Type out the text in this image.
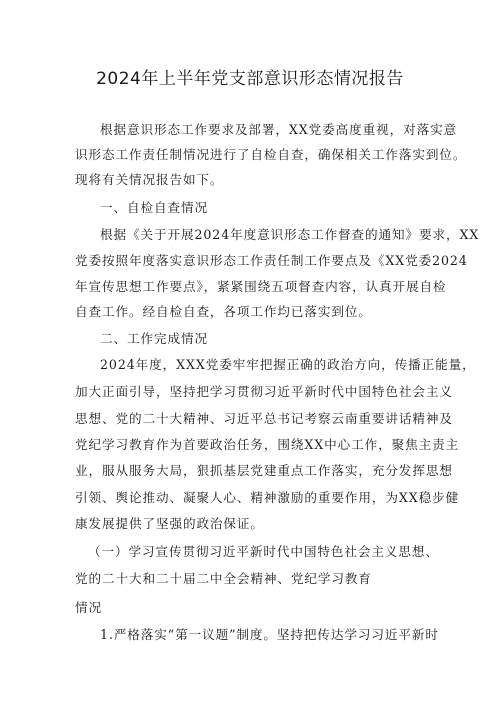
2024年上半年党支部意识形态情况报告
根据意识形态工作要求及部署，XX党委高度重视，对落实意
识形态工作责任制情况进行了自检自查，确保相关工作落实到位。
现将有关情况报告如下。
一、自检自查情况
根据《关于开展2024年度意识形态工作督查的通知》要求，XX
党委按照年度落实意识形态工作责任制工作要点及《XX党委2024
年宣传思想工作要点》，紧紧围绕五项督查内容，认真开展自检
自查工作。经自检自查，各项工作均已落实到位。
二、工作完成情况
2024年度，XXX党委牢牢把握正确的政治方向，传播正能量，
加大正面引导，坚持把学习贯彻习近平新时代中国特色社会主义
思想、党的二十大精神、习近平总书记考察云南重要讲话精神及
党纪学习教育作为首要政治任务，围绕XX中心工作，聚焦主责主
业，服从服务大局，狠抓基层党建重点工作落实，充分发挥思想
引领、舆论推动、凝聚人心、精神激励的重要作用，为XX稳步健
康发展提供了坚强的政治保证。
（一）学习宣传贯彻习近平新时代中国特色社会主义思想、
党的二十大和二十届二中全会精神、党纪学习教育
情况
1.严格落实“第一议题”制度。坚持把传达学习习近平新时
